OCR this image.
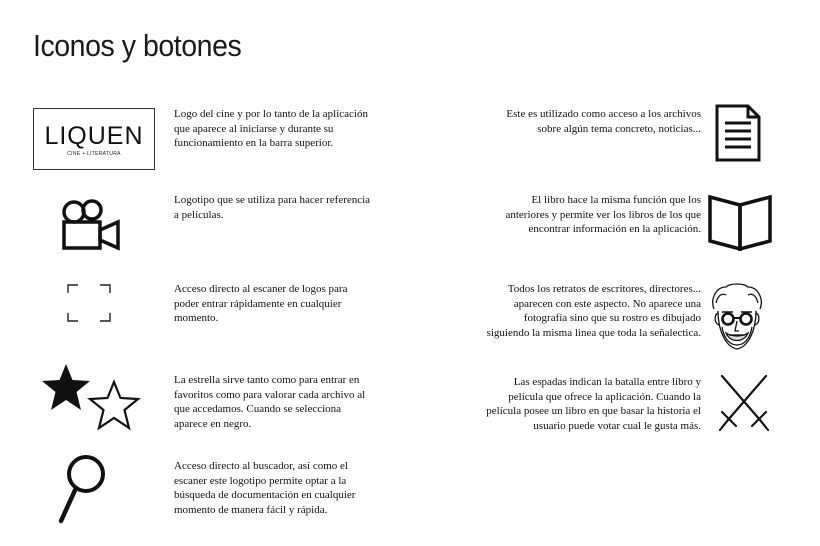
Iconos y botones
LIQUEN
CINE + LITERATURA

Logo del cine y por lo tanto de la aplicación que aparece al iniciarse y durante su funcionamiento en la barra superior.

Logotipo que se utiliza para hacer referencia a películas.

Acceso directo al escaner de logos para poder entrar rápidamente en cualquier momento.

La estrella sirve tanto como para entrar en favoritos como para valorar cada archivo al que accedamos. Cuando se selecciona aparece en negro.

Acceso directo al buscador, así como el escaner este logotipo permite optar a la búsqueda de documentación en cualquier momento de manera fácil y rápida.

Este es utilizado como acceso a los archivos sobre algún tema concreto, noticias...

El libro hace la misma función que los anteriores y permite ver los libros de los que encontrar información en la aplicación.

Todos los retratos de escritores, directores... aparecen con este aspecto. No aparece una fotografía sino que su rostro es dibujado siguiendo la misma linea que toda la señalectica.

Las espadas indican la batalla entre libro y película que ofrece la aplicación. Cuando la película posee un libro en que basar la historia el usuario puede votar cual le gusta más.
